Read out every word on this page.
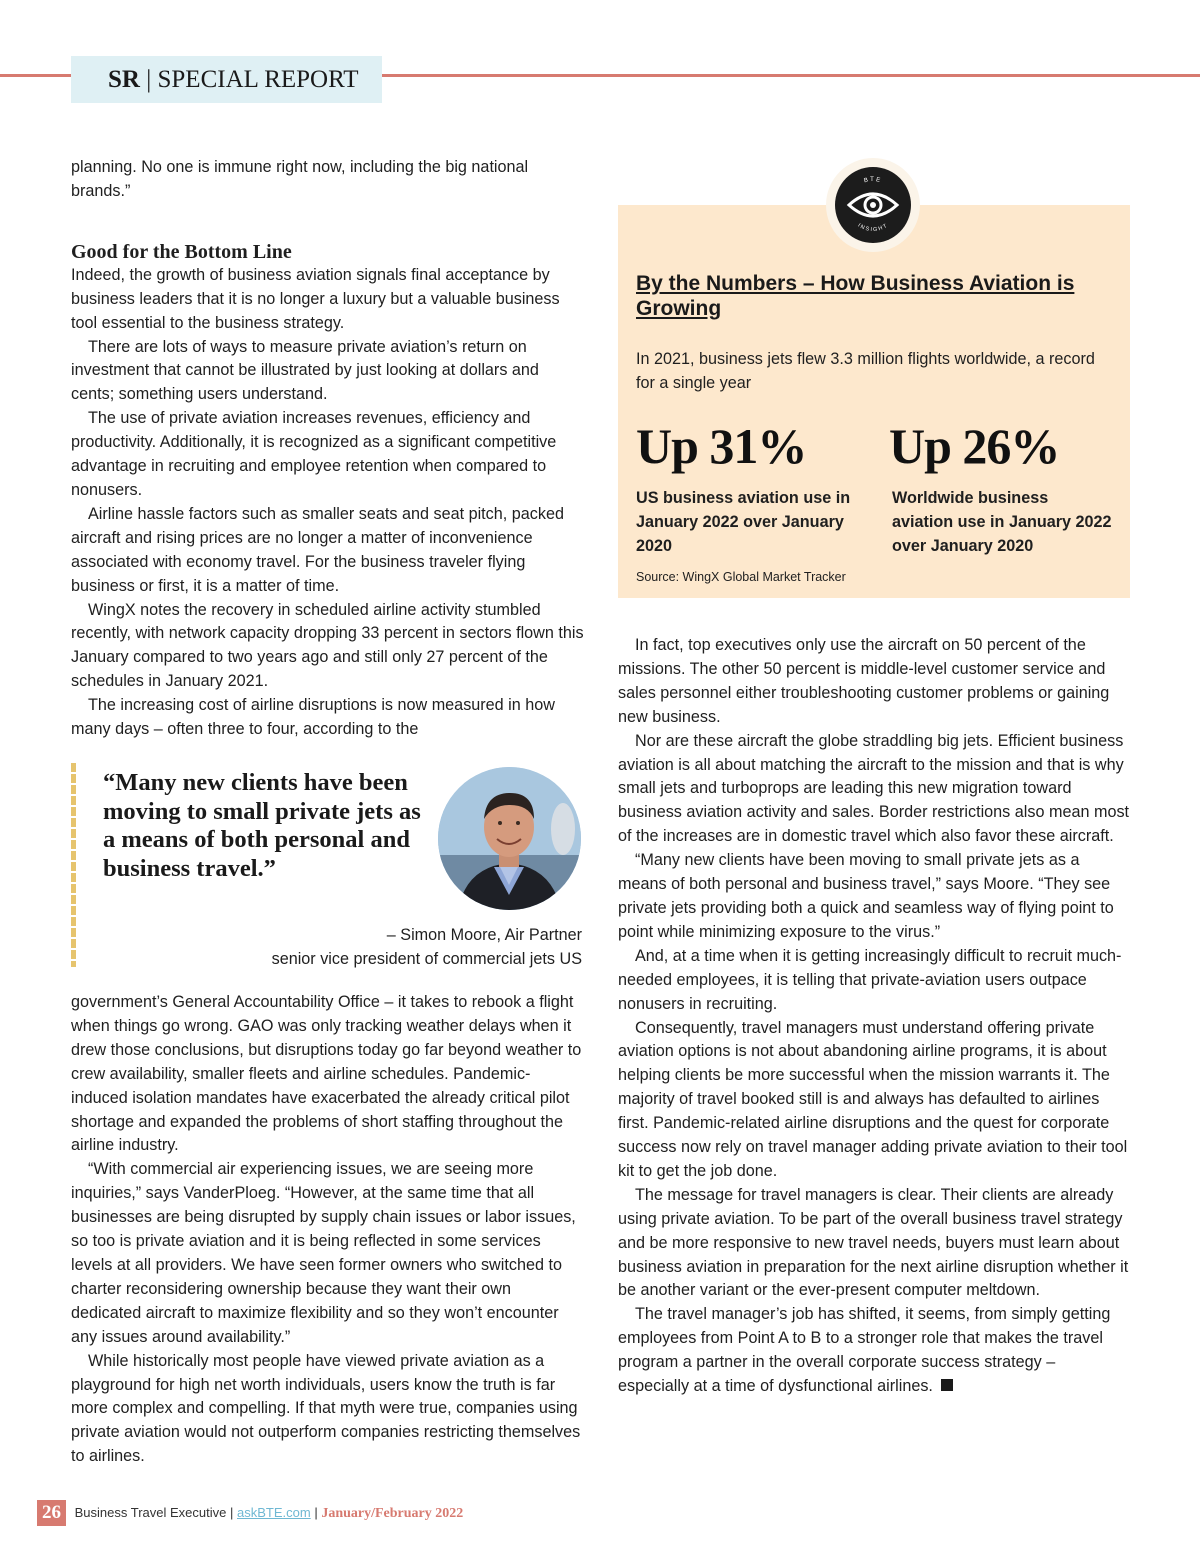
SR | SPECIAL REPORT

planning. No one is immune right now, including the big national brands.”

Good for the Bottom Line

Indeed, the growth of business aviation signals final acceptance by business leaders that it is no longer a luxury but a valuable business tool essential to the business strategy.

There are lots of ways to measure private aviation’s return on investment that cannot be illustrated by just looking at dollars and cents; something users understand.

The use of private aviation increases revenues, efficiency and productivity. Additionally, it is recognized as a significant competitive advantage in recruiting and employee retention when compared to nonusers.

Airline hassle factors such as smaller seats and seat pitch, packed aircraft and rising prices are no longer a matter of inconvenience associated with economy travel. For the business traveler flying business or first, it is a matter of time.

WingX notes the recovery in scheduled airline activity stumbled recently, with network capacity dropping 33 percent in sectors flown this January compared to two years ago and still only 27 percent of the schedules in January 2021.

The increasing cost of airline disruptions is now measured in how many days – often three to four, according to the

“Many new clients have been moving to small private jets as a means of both personal and business travel.”
– Simon Moore, Air Partner
senior vice president of commercial jets US

government’s General Accountability Office – it takes to rebook a flight when things go wrong. GAO was only tracking weather delays when it drew those conclusions, but disruptions today go far beyond weather to crew availability, smaller fleets and airline schedules. Pandemic-induced isolation mandates have exacerbated the already critical pilot shortage and expanded the problems of short staffing throughout the airline industry.

“With commercial air experiencing issues, we are seeing more inquiries,” says VanderPloeg. “However, at the same time that all businesses are being disrupted by supply chain issues or labor issues, so too is private aviation and it is being reflected in some services levels at all providers. We have seen former owners who switched to charter reconsidering ownership because they want their own dedicated aircraft to maximize flexibility and so they won’t encounter any issues around availability.”

While historically most people have viewed private aviation as a playground for high net worth individuals, users know the truth is far more complex and compelling. If that myth were true, companies using private aviation would not outperform companies restricting themselves to airlines.

BTE
INSIGHT
By the Numbers – How Business Aviation is Growing
In 2021, business jets flew 3.3 million flights worldwide, a record for a single year
Up 31% Up 26%
US business aviation use in January 2022 over January 2020
Worldwide business aviation use in January 2022 over January 2020
Source: WingX Global Market Tracker

In fact, top executives only use the aircraft on 50 percent of the missions. The other 50 percent is middle-level customer service and sales personnel either troubleshooting customer problems or gaining new business.

Nor are these aircraft the globe straddling big jets. Efficient business aviation is all about matching the aircraft to the mission and that is why small jets and turboprops are leading this new migration toward business aviation activity and sales. Border restrictions also mean most of the increases are in domestic travel which also favor these aircraft.

“Many new clients have been moving to small private jets as a means of both personal and business travel,” says Moore. “They see private jets providing both a quick and seamless way of flying point to point while minimizing exposure to the virus.”

And, at a time when it is getting increasingly difficult to recruit much-needed employees, it is telling that private-aviation users outpace nonusers in recruiting.

Consequently, travel managers must understand offering private aviation options is not about abandoning airline programs, it is about helping clients be more successful when the mission warrants it. The majority of travel booked still is and always has defaulted to airlines first. Pandemic-related airline disruptions and the quest for corporate success now rely on travel manager adding private aviation to their tool kit to get the job done.

The message for travel managers is clear. Their clients are already using private aviation. To be part of the overall business travel strategy and be more responsive to new travel needs, buyers must learn about business aviation in preparation for the next airline disruption whether it be another variant or the ever-present computer meltdown.

The travel manager’s job has shifted, it seems, from simply getting employees from Point A to B to a stronger role that makes the travel program a partner in the overall corporate success strategy – especially at a time of dysfunctional airlines.

26 Business Travel Executive | askBTE.com | January/February 2022
